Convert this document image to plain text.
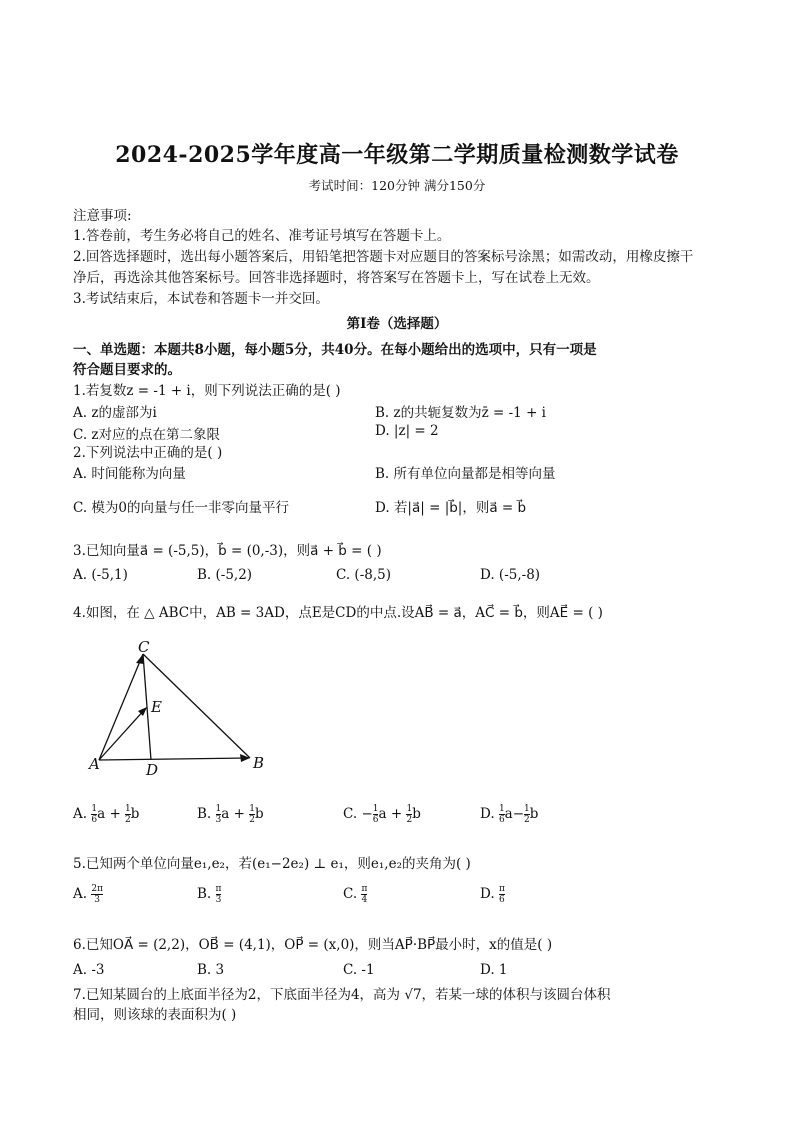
2024-2025学年度高一年级第二学期质量检测数学试卷
考试时间：120分钟 满分150分
注意事项:
1.答卷前，考生务必将自己的姓名、准考证号填写在答题卡上。
2.回答选择题时，选出每小题答案后，用铅笔把答题卡对应题目的答案标号涂黑；如需改动，用橡皮擦干
净后，再选涂其他答案标号。回答非选择题时，将答案写在答题卡上，写在试卷上无效。
3.考试结束后，本试卷和答题卡一并交回。
第Ⅰ卷（选择题）
一、单选题：本题共8小题，每小题5分，共40分。在每小题给出的选项中，只有一项是
符合题目要求的。
1.若复数z = -1 + i，则下列说法正确的是( )
A. z的虚部为i	B. z的共轭复数为z̄ = -1 + i
C. z对应的点在第二象限	D. |z| = 2
2.下列说法中正确的是( )
A. 时间能称为向量	B. 所有单位向量都是相等向量
C. 模为0的向量与任一非零向量平行	D. 若|a⃗| = |b⃗|，则a⃗ = b⃗
3.已知向量a⃗ = (-5,5)，b⃗ = (0,-3)，则a⃗ + b⃗ = ( )
A. (-5,1)	B. (-5,2)	C. (-8,5)	D. (-5,-8)
4.如图，在 △ ABC中，AB = 3AD，点E是CD的中点.设AB⃗ = a⃗，AC⃗ = b⃗，则AE⃗ = ( )
C
E
A	D	B
A. $\frac{1}{6}$ $a + \frac{1}{2}$ b	B. $\frac{1}{3}$ $a + \frac{1}{2}$ b	C. − $\frac{1}{6}$ $a + \frac{1}{2}$ b	D. $\frac{1}{6} a- \frac{1}{2}$ b
5.已知两个单位向量e₁,e₂，若(e₁−2e₂) ⊥ e₁，则e₁,e₂的夹角为( )
A. $\frac{2\pi}{3}$	B. $\frac{\pi}{3}$	C. $\frac{\pi}{4}$	D. $\frac{\pi}{6}$
6.已知OA⃗ = (2,2)，OB⃗ = (4,1)，OP⃗ = (x,0)，则当AP⃗·BP⃗最小时，x的值是( )
A. -3	B. 3	C. -1	D. 1
7.已知某圆台的上底面半径为2，下底面半径为4，高为 √7，若某一球的体积与该圆台体积
相同，则该球的表面积为( )
